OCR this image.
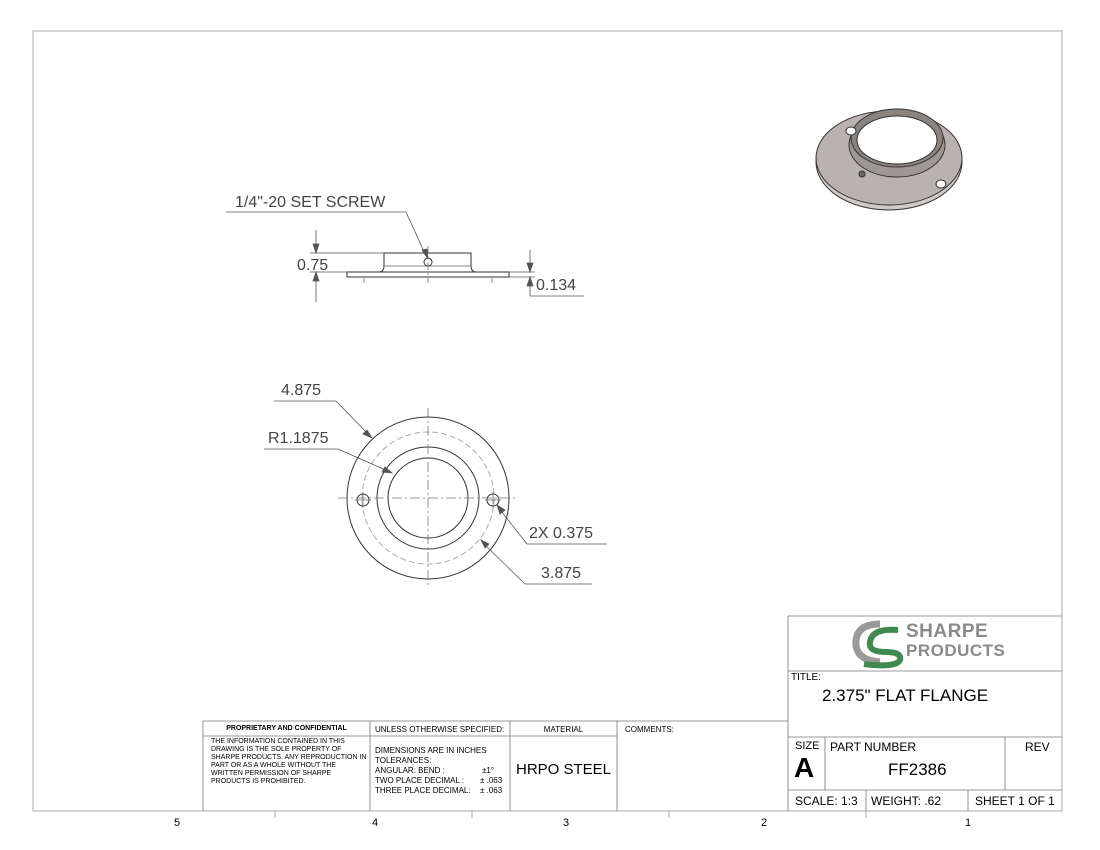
1/4"-20 SET SCREW
0.75
0.134
4.875
R1.1875
2X 0.375
3.875
SHARPE
PRODUCTS
TITLE:
2.375" FLAT FLANGE
SIZE
A
PART NUMBER
FF2386
REV
SCALE: 1:3 WEIGHT: .62	SHEET 1 OF 1
PROPRIETARY AND CONFIDENTIAL
THE INFORMATION CONTAINED IN THIS DRAWING IS THE SOLE PROPERTY OF SHARPE PRODUCTS. ANY REPRODUCTION IN PART OR AS A WHOLE WITHOUT THE WRITTEN PERMISSION OF SHARPE PRODUCTS IS PROHIBITED.
UNLESS OTHERWISE SPECIFIED:
DIMENSIONS ARE IN INCHES
TOLERANCES:
ANGULAR: BEND :	±1°
TWO PLACE DECIMAL : ± .063
THREE PLACE DECIMAL: ± .063
MATERIAL
HRPO STEEL
COMMENTS:
5	4	3	2	1
